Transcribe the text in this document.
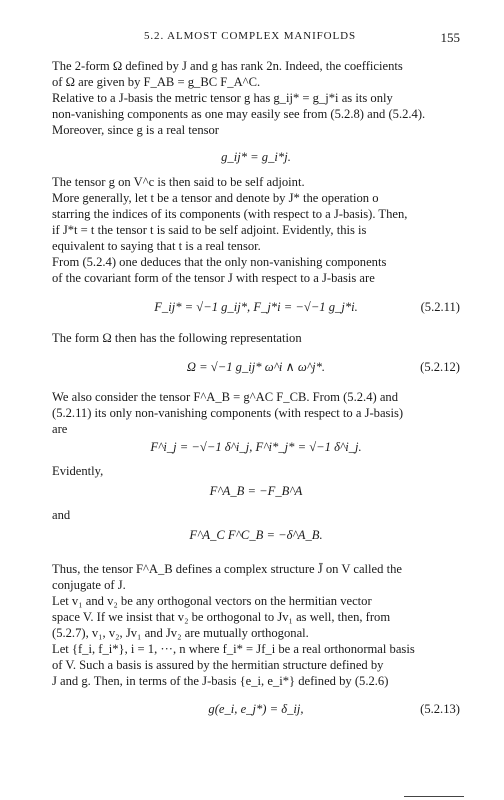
5.2. ALMOST COMPLEX MANIFOLDS	155
The 2-form Ω defined by J and g has rank 2n. Indeed, the coefficients
of Ω are given by F_AB = g_BC F_A^C.
Relative to a J-basis the metric tensor g has g_ij* = g_j*i as its only
non-vanishing components as one may easily see from (5.2.8) and (5.2.4).
Moreover, since g is a real tensor
g_ij* = g_i*j.
The tensor g on V^c is then said to be self adjoint.
More generally, let t be a tensor and denote by J* the operation o
starring the indices of its components (with respect to a J-basis). Then,
if J*t = t the tensor t is said to be self adjoint. Evidently, this is
equivalent to saying that t is a real tensor.
From (5.2.4) one deduces that the only non-vanishing components
of the covariant form of the tensor J with respect to a J-basis are
F_ij* = √−1 g_ij*, F_j*i = −√−1 g_j*i.	(5.2.11)
The form Ω then has the following representation
Ω = √−1 g_ij* ω^i ∧ ω^j*.	(5.2.12)
We also consider the tensor F^A_B = g^AC F_CB. From (5.2.4) and
(5.2.11) its only non-vanishing components (with respect to a J-basis)
are
F^i_j = −√−1 δ^i_j, F^i*_j* = √−1 δ^i_j.
Evidently,
F^A_B = −F_B^A
and
F^A_C F^C_B = −δ^A_B.
Thus, the tensor F^A_B defines a complex structure J̄ on V called the
conjugate of J.
Let v₁ and v₂ be any orthogonal vectors on the hermitian vector
space V. If we insist that v₂ be orthogonal to Jv₁ as well, then, from
(5.2.7), v₁, v₂, Jv₁ and Jv₂ are mutually orthogonal.
Let {f_i, f_i*}, i = 1, ···, n where f_i* = Jf_i be a real orthonormal basis
of V. Such a basis is assured by the hermitian structure defined by
J and g. Then, in terms of the J-basis {e_i, e_i*} defined by (5.2.6)
g(e_i, e_j*) = δ_ij,	(5.2.13)
